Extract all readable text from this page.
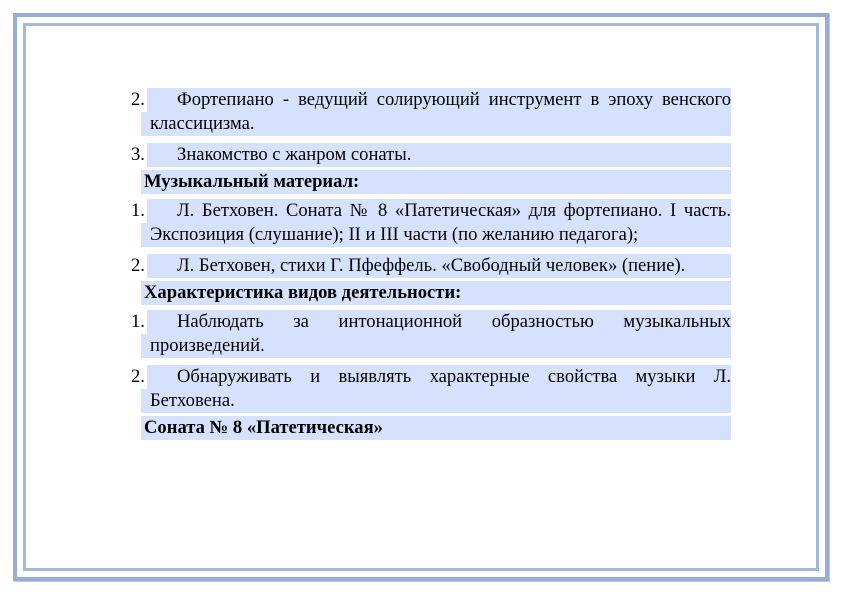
2. Фортепиано - ведущий солирующий инструмент в эпоху венского классицизма.
3. Знакомство с жанром сонаты.
Музыкальный материал:
1. Л. Бетховен. Соната № 8 «Патетическая» для фортепиано. I часть. Экспозиция (слушание); II и III части (по желанию педагога);
2. Л. Бетховен, стихи Г. Пфеффель. «Свободный человек» (пение).
Характеристика видов деятельности:
1. Наблюдать за интонационной образностью музыкальных произведений.
2. Обнаруживать и выявлять характерные свойства музыки Л. Бетховена.
Соната № 8 «Патетическая»
